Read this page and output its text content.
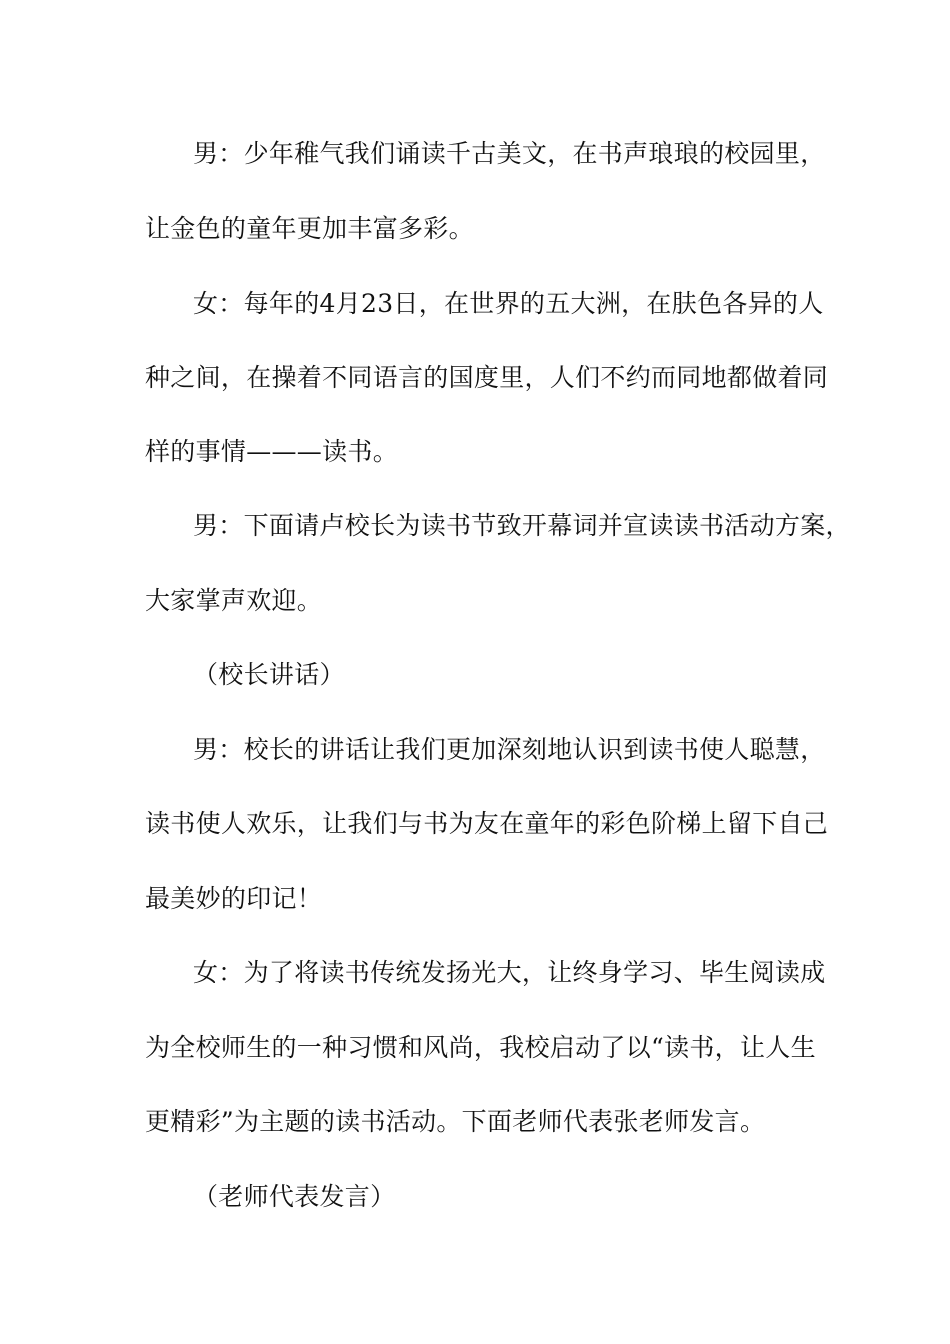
男：少年稚气我们诵读千古美文，在书声琅琅的校园里，
让金色的童年更加丰富多彩。
女：每年的4月23日，在世界的五大洲，在肤色各异的人
种之间，在操着不同语言的国度里，人们不约而同地都做着同
样的事情———读书。
男：下面请卢校长为读书节致开幕词并宣读读书活动方案，
大家掌声欢迎。
（校长讲话）
男：校长的讲话让我们更加深刻地认识到读书使人聪慧，
读书使人欢乐，让我们与书为友在童年的彩色阶梯上留下自己
最美妙的印记！
女：为了将读书传统发扬光大，让终身学习、毕生阅读成
为全校师生的一种习惯和风尚，我校启动了以“读书，让人生
更精彩”为主题的读书活动。下面老师代表张老师发言。
（老师代表发言）
